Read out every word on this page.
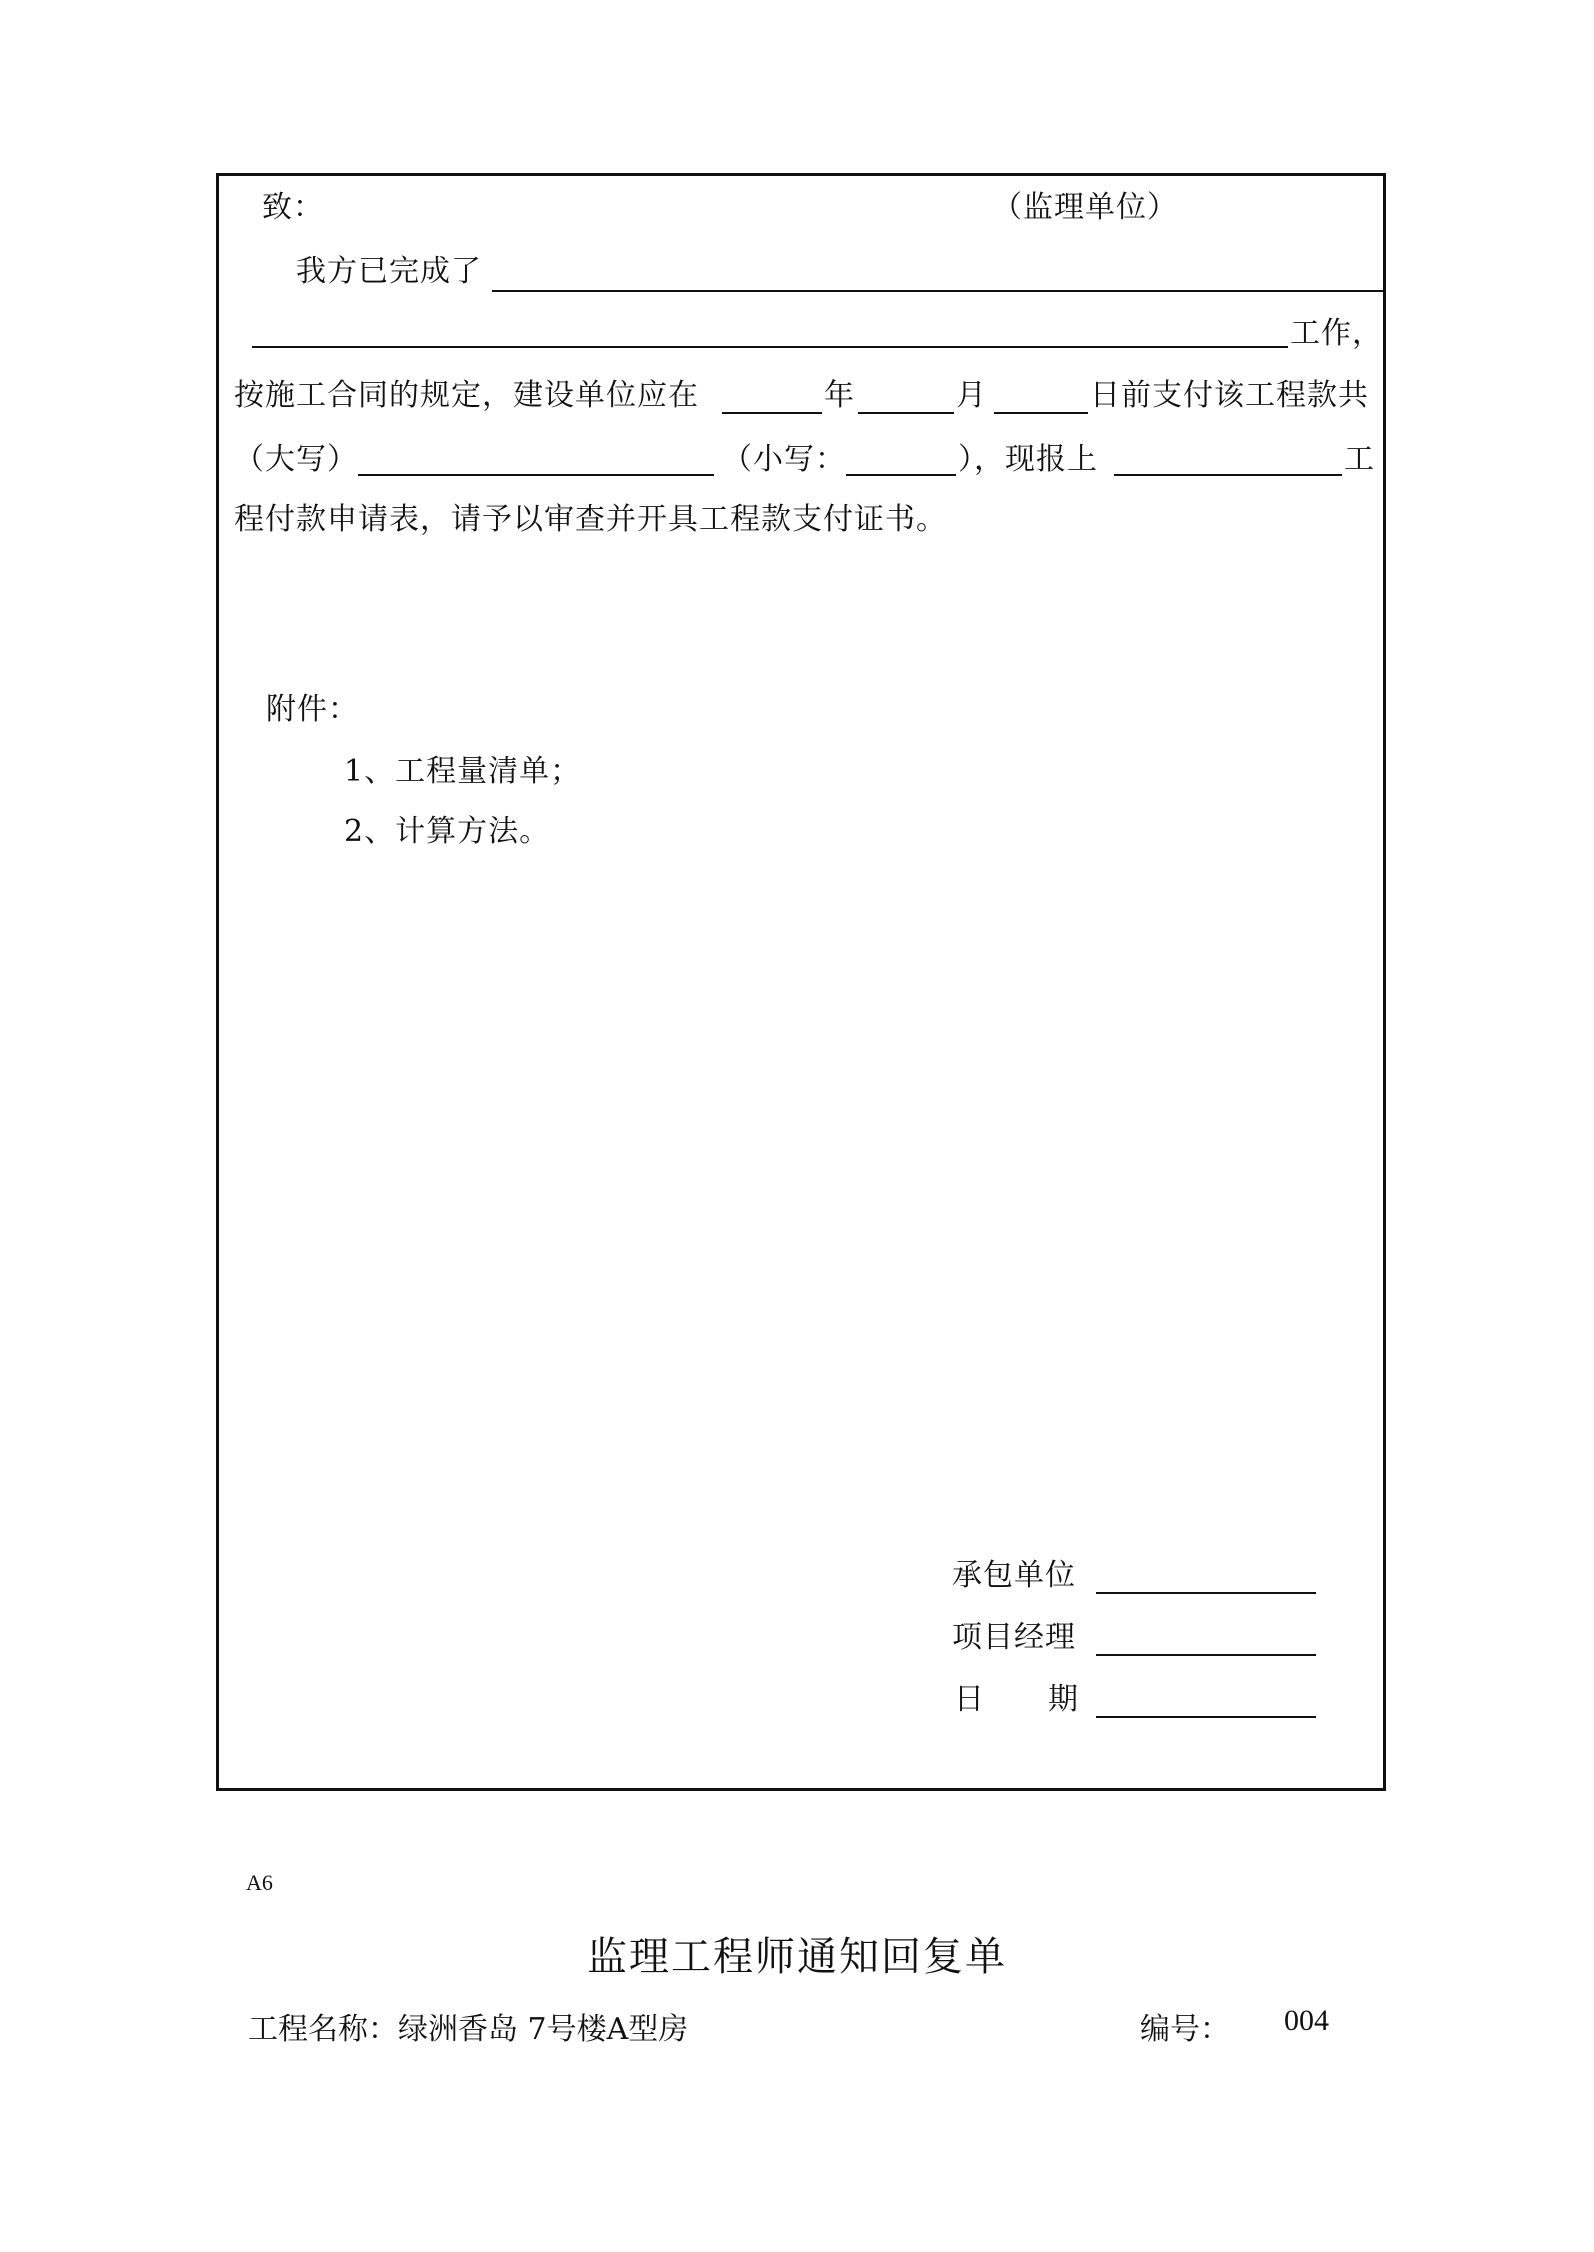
致：	（监理单位）
我方已完成了
工作，
按施工合同的规定，建设单位应在	年	月	日前支付该工程款共
（大写）	（小写：	），现报上	工
程付款申请表，请予以审查并开具工程款支付证书。
附件：
1、工程量清单；
2、计算方法。
承包单位
项目经理
日 期
A6
监理工程师通知回复单
工程名称： 绿洲香岛 7号楼A型房	编号： 004
